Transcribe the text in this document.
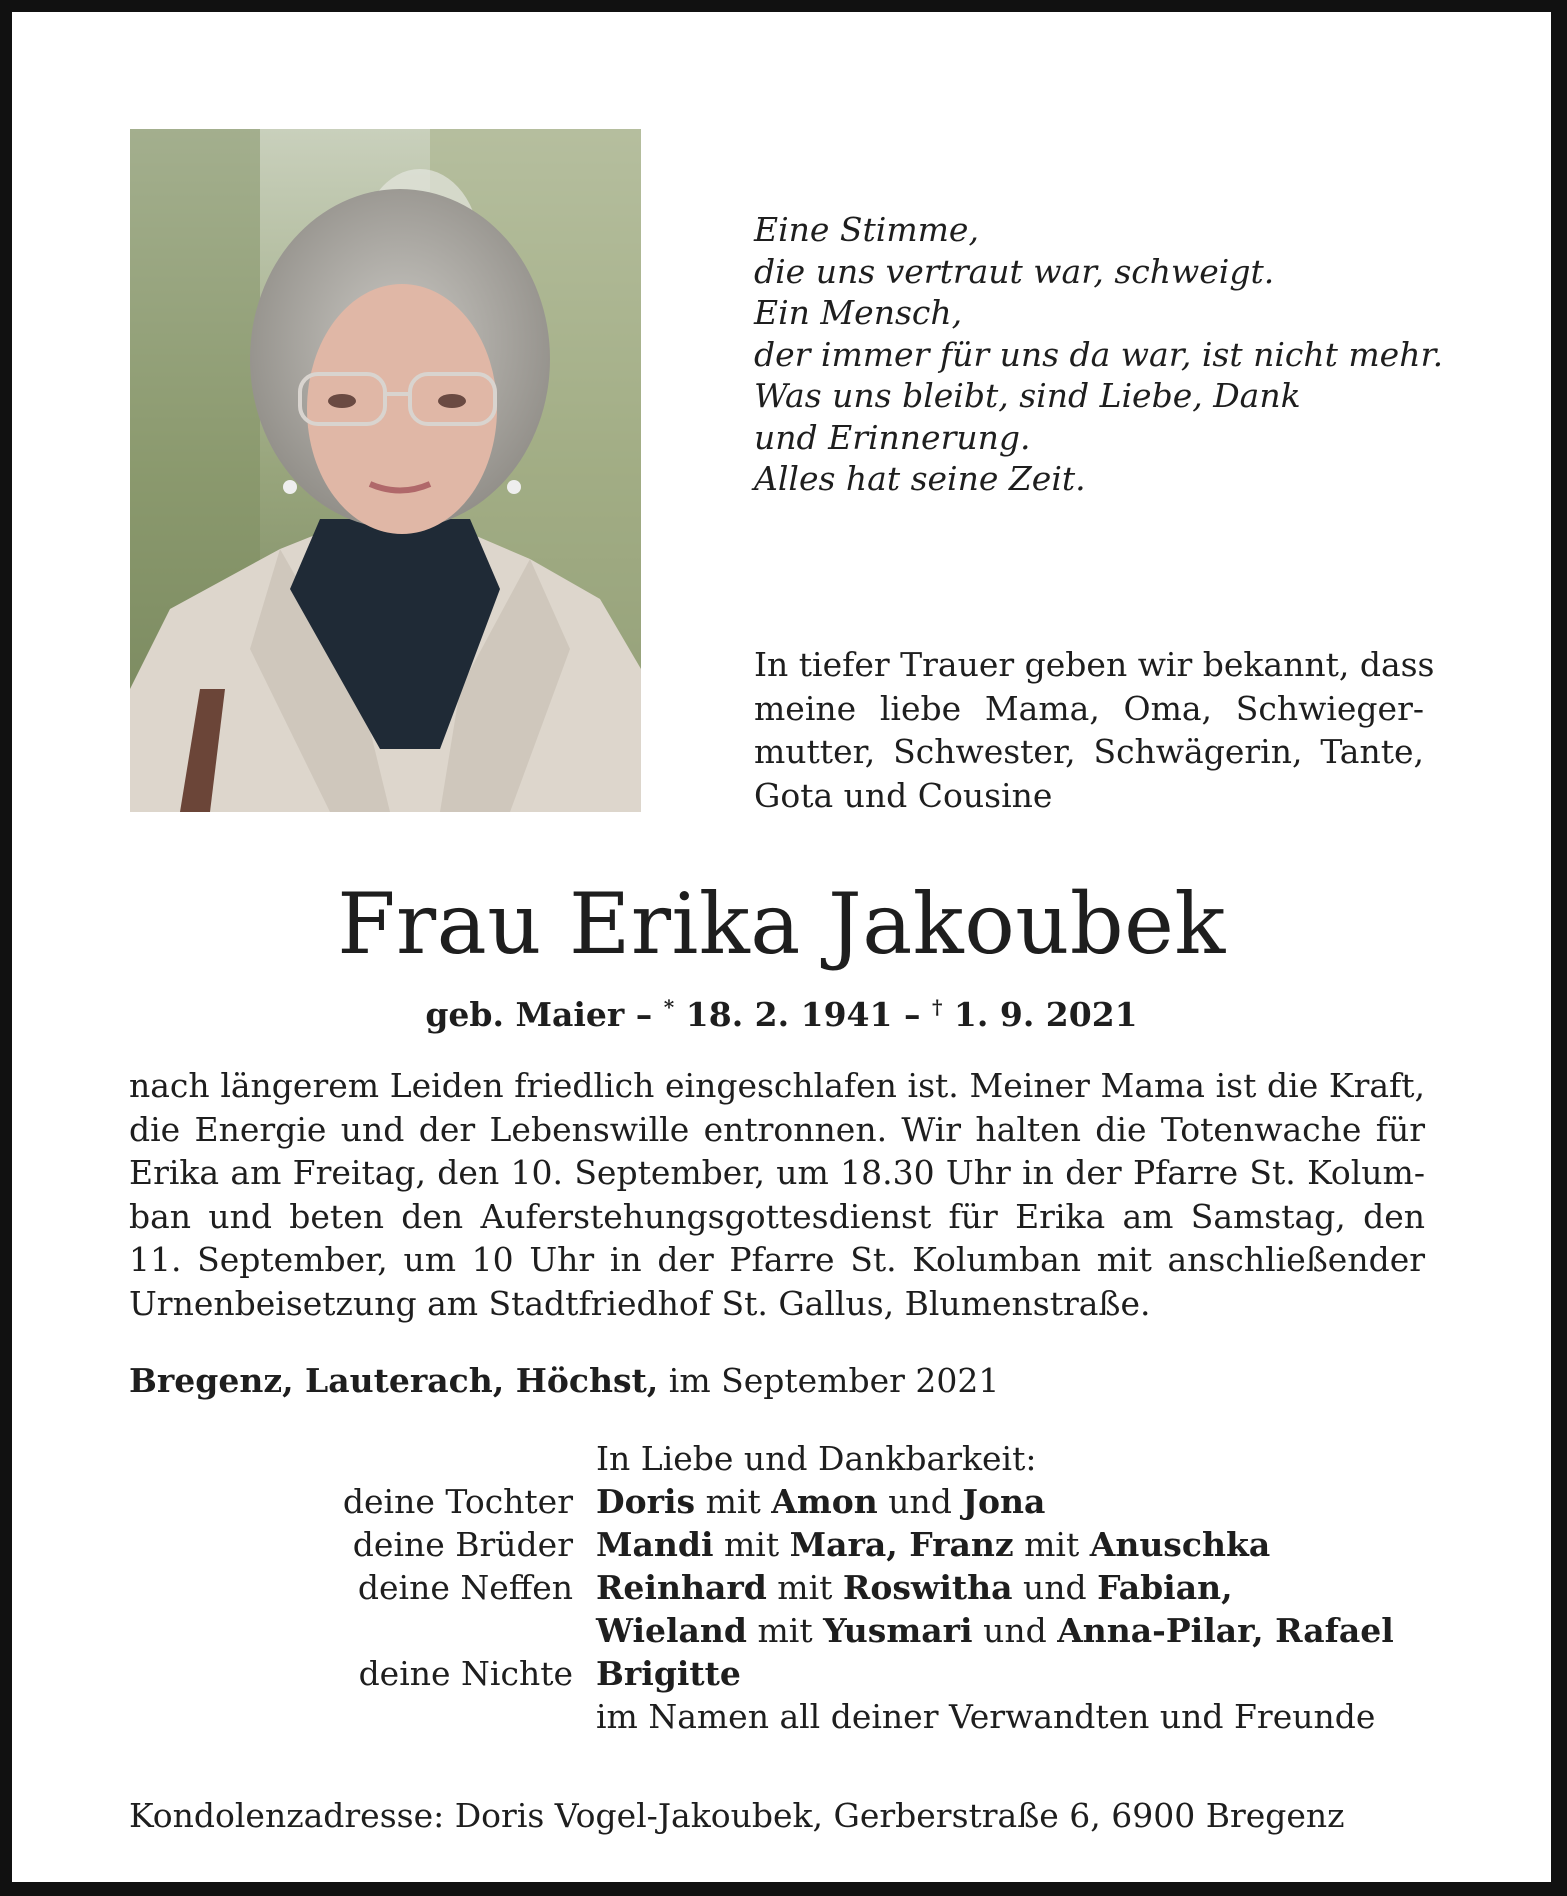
Eine Stimme,
die uns vertraut war, schweigt.
Ein Mensch,
der immer für uns da war, ist nicht mehr.
Was uns bleibt, sind Liebe, Dank
und Erinnerung.
Alles hat seine Zeit.
In tiefer Trauer geben wir bekannt, dass
meine liebe Mama, Oma, Schwieger-
mutter, Schwester, Schwägerin, Tante,
Gota und Cousine
Frau Erika Jakoubek
geb. Maier – * 18. 2. 1941 – † 1. 9. 2021
nach längerem Leiden friedlich eingeschlafen ist. Meiner Mama ist die Kraft,
die Energie und der Lebenswille entronnen. Wir halten die Totenwache für
Erika am Freitag, den 10. September, um 18.30 Uhr in der Pfarre St. Kolum-
ban und beten den Auferstehungsgottesdienst für Erika am Samstag, den
11. September, um 10 Uhr in der Pfarre St. Kolumban mit anschließender
Urnenbeisetzung am Stadtfriedhof St. Gallus, Blumenstraße.
Bregenz, Lauterach, Höchst, im September 2021
In Liebe und Dankbarkeit:
deine Tochter Doris mit Amon und Jona
deine Brüder Mandi mit Mara, Franz mit Anuschka
deine Neffen Reinhard mit Roswitha und Fabian,
Wieland mit Yusmari und Anna-Pilar, Rafael
deine Nichte Brigitte
im Namen all deiner Verwandten und Freunde
Kondolenzadresse: Doris Vogel-Jakoubek, Gerberstraße 6, 6900 Bregenz
